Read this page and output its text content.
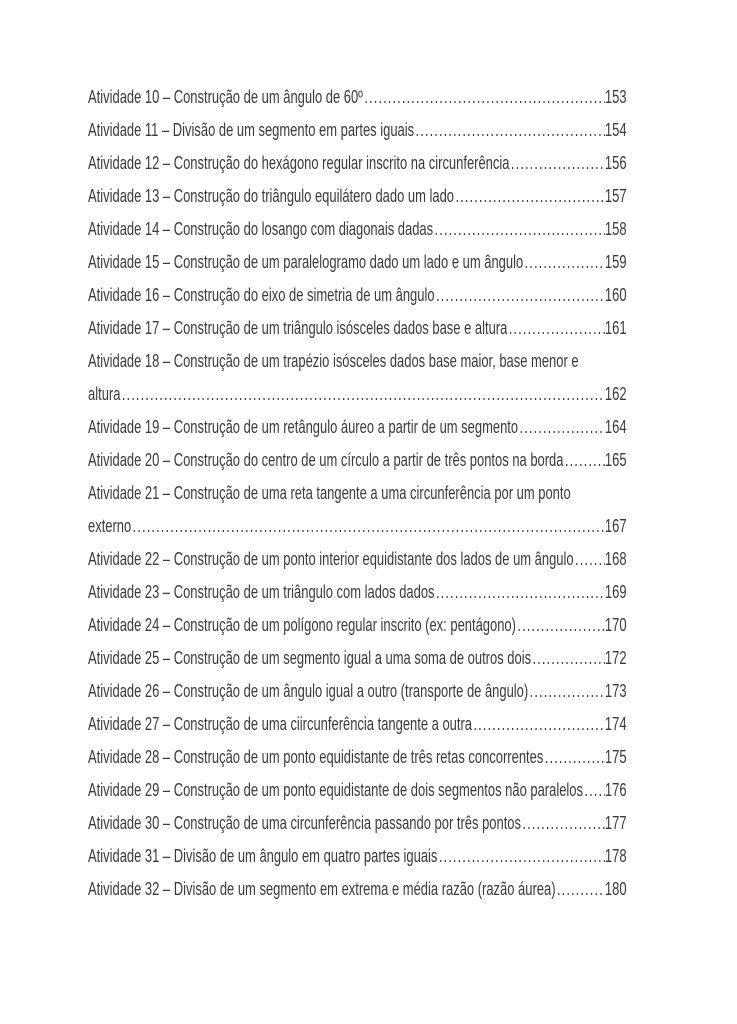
Atividade 10 – Construção de um ângulo de 60º .....	153
Atividade 11 – Divisão de um segmento em partes iguais .....	154
Atividade 12 – Construção do hexágono regular inscrito na circunferência .....	156
Atividade 13 – Construção do triângulo equilátero dado um lado .....	157
Atividade 14 – Construção do losango com diagonais dadas .....	158
Atividade 15 – Construção de um paralelogramo dado um lado e um ângulo .....	159
Atividade 16 – Construção do eixo de simetria de um ângulo .....	160
Atividade 17 – Construção de um triângulo isósceles dados base e altura .....	161
Atividade 18 – Construção de um trapézio isósceles dados base maior, base menor e
altura .....	162
Atividade 19 – Construção de um retângulo áureo a partir de um segmento .....	164
Atividade 20 – Construção do centro de um círculo a partir de três pontos na borda ..... 165
Atividade 21 – Construção de uma reta tangente a uma circunferência por um ponto
externo .....	167
Atividade 22 – Construção de um ponto interior equidistante dos lados de um ângulo ..... 168
Atividade 23 – Construção de um triângulo com lados dados .....	169
Atividade 24 – Construção de um polígono regular inscrito (ex: pentágono) .....	170
Atividade 25 – Construção de um segmento igual a uma soma de outros dois .....	172
Atividade 26 – Construção de um ângulo igual a outro (transporte de ângulo) .....	173
Atividade 27 – Construção de uma ciircunferência tangente a outra .....	174
Atividade 28 – Construção de um ponto equidistante de três retas concorrentes .....	175
Atividade 29 – Construção de um ponto equidistante de dois segmentos não paralelos ..... 176
Atividade 30 – Construção de uma circunferência passando por três pontos .....	177
Atividade 31 – Divisão de um ângulo em quatro partes iguais .....	178
Atividade 32 – Divisão de um segmento em extrema e média razão (razão áurea) .....	180
